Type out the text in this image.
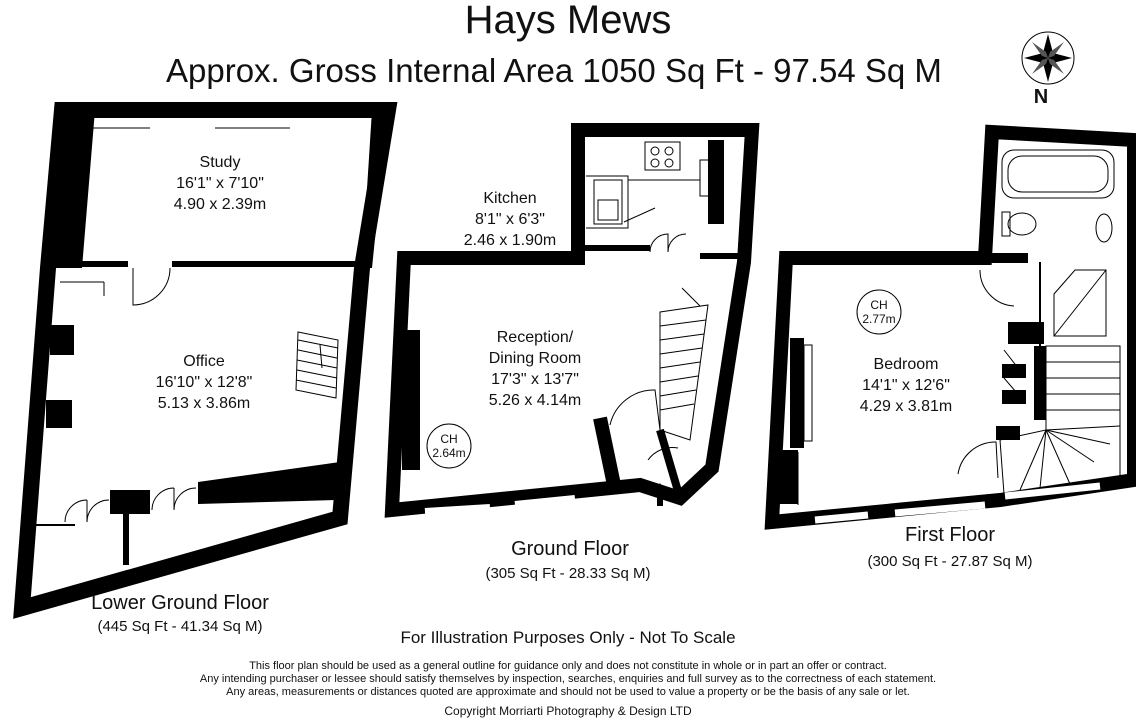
Hays Mews
Approx. Gross Internal Area 1050 Sq Ft - 97.54 Sq M
N
Study
16'1" x 7'10"
4.90 x 2.39m
Office
16'10" x 12'8"
5.13 x 3.86m
Lower Ground Floor
(445 Sq Ft - 41.34 Sq M)
Kitchen
8'1" x 6'3"
2.46 x 1.90m
Reception/
Dining Room
17'3" x 13'7"
5.26 x 4.14m
CH
2.64m
Ground Floor
(305 Sq Ft - 28.33 Sq M)
Bedroom
14'1" x 12'6"
4.29 x 3.81m
CH
2.77m
First Floor
(300 Sq Ft - 27.87 Sq M)
For Illustration Purposes Only - Not To Scale
This floor plan should be used as a general outline for guidance only and does not constitute in whole or in part an offer or contract.
Any intending purchaser or lessee should satisfy themselves by inspection, searches, enquiries and full survey as to the correctness of each statement.
Any areas, measurements or distances quoted are approximate and should not be used to value a property or be the basis of any sale or let.
Copyright Morriarti Photography & Design LTD
